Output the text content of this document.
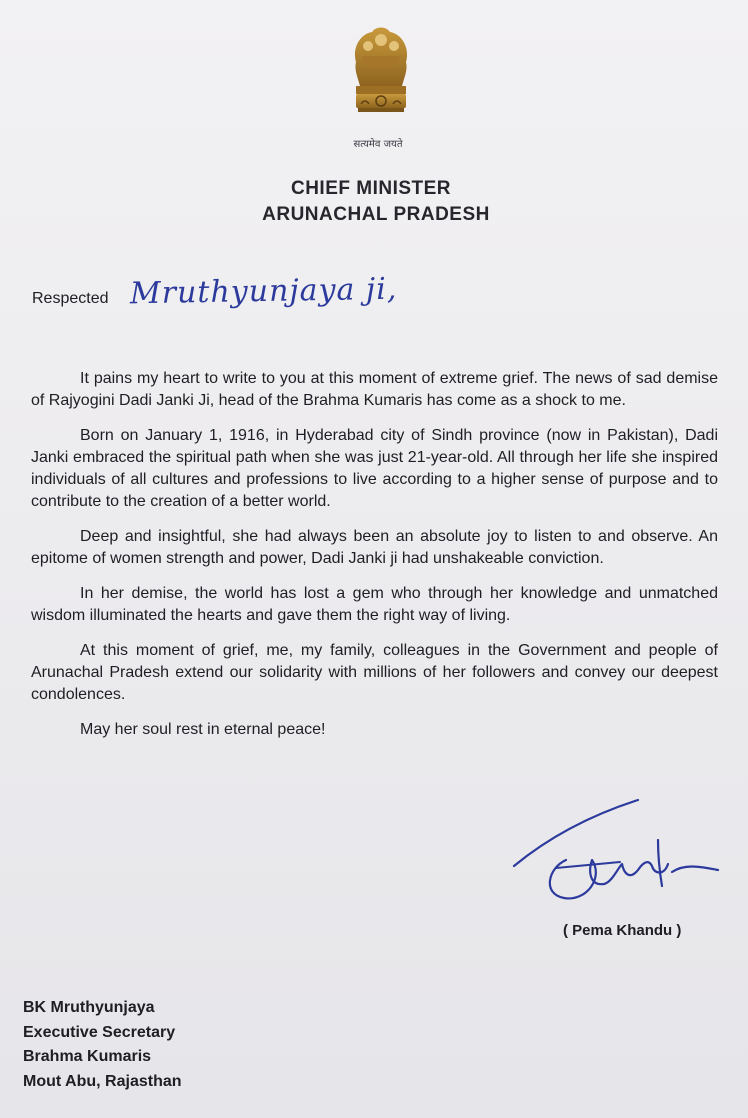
सत्यमेव जयते
CHIEF MINISTER
ARUNACHAL PRADESH
Respected Mruthyunjaya ji,

It pains my heart to write to you at this moment of extreme grief. The news of sad demise of Rajyogini Dadi Janki Ji, head of the Brahma Kumaris has come as a shock to me.

Born on January 1, 1916, in Hyderabad city of Sindh province (now in Pakistan), Dadi Janki embraced the spiritual path when she was just 21-year-old. All through her life she inspired individuals of all cultures and professions to live according to a higher sense of purpose and to contribute to the creation of a better world.

Deep and insightful, she had always been an absolute joy to listen to and observe. An epitome of women strength and power, Dadi Janki ji had unshakeable conviction.

In her demise, the world has lost a gem who through her knowledge and unmatched wisdom illuminated the hearts and gave them the right way of living.

At this moment of grief, me, my family, colleagues in the Government and people of Arunachal Pradesh extend our solidarity with millions of her followers and convey our deepest condolences.

May her soul rest in eternal peace!

( Pema Khandu )
BK Mruthyunjaya
Executive Secretary
Brahma Kumaris
Mout Abu, Rajasthan
